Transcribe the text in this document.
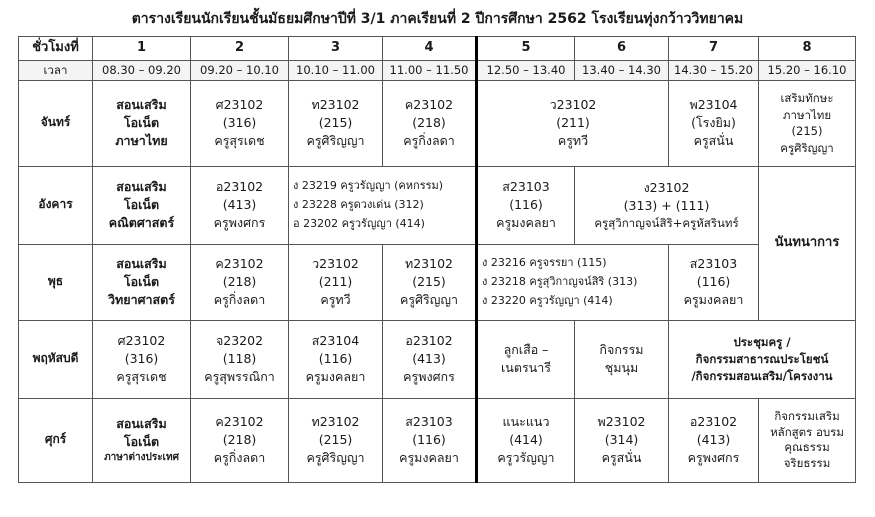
ตารางเรียนนักเรียนชั้นมัธยมศึกษาปีที่ 3/1 ภาคเรียนที่ 2 ปีการศึกษา 2562 โรงเรียนทุ่งกว้าววิทยาคม
ชั่วโมงที่	1	2	3	4	5	6	7	8
เวลา	08.30 – 09.20	09.20 – 10.10	10.10 – 11.00	11.00 – 11.50	12.50 – 13.40	13.40 – 14.30	14.30 – 15.20	15.20 – 16.10
จันทร์	สอนเสริม
โอเน็ต
ภาษาไทย	ศ23102
(316)
ครูสุรเดช	ท23102
(215)
ครูศิริญญา	ค23102
(218)
ครูกิ่งลดา	ว23102
(211)
ครูทวี		พ23104
(โรงยิม)
ครูสนั่น	เสริมทักษะ
ภาษาไทย
(215)
ครูศิริญญา

อังคาร	สอนเสริม
โอเน็ต
คณิตศาสตร์	อ23102
(413)
ครูพงศกร	ง 23219 ครูวรัญญา (คหกรรม)
ง 23228 ครูดวงเด่น (312)
อ 23202 ครูวรัญญา (414)		ส23103
(116)
ครูมงคลยา	ง23102
(313) + (111)
ครูสุวิกาญจน์สิริ+ครูหัสรินทร์		นันทนาการ
พุธ	สอนเสริม
โอเน็ต
วิทยาศาสตร์	ค23102
(218)
ครูกิ่งลดา	ว23102
(211)
ครูทวี	ท23102
(215)
ครูศิริญญา	ง 23216 ครูจรรยา (115)
ง 23218 ครูสุวิกาญจน์สิริ (313)
ง 23220 ครูวรัญญา (414)		ส23103
(116)
ครูมงคลยา	

พฤหัสบดี	ศ23102
(316)
ครูสุรเดช	จ23202
(118)
ครูสุพรรณิกา	ส23104
(116)
ครูมงคลยา	อ23102
(413)
ครูพงศกร	ลูกเสือ –
เนตรนารี	กิจกรรม
ชุมนุม	ประชุมครู /
กิจกรรมสาธารณประโยชน์
/กิจกรรมสอนเสริม/โครงงาน	

ศุกร์	สอนเสริม
โอเน็ต
ภาษาต่างประเทศ	ค23102
(218)
ครูกิ่งลดา	ท23102
(215)
ครูศิริญญา	ส23103
(116)
ครูมงคลยา	แนะแนว
(414)
ครูวรัญญา	พ23102
(314)
ครูสนั่น	อ23102
(413)
ครูพงศกร	กิจกรรมเสริม
หลักสูตร อบรม
คุณธรรม
จริยธรรม
